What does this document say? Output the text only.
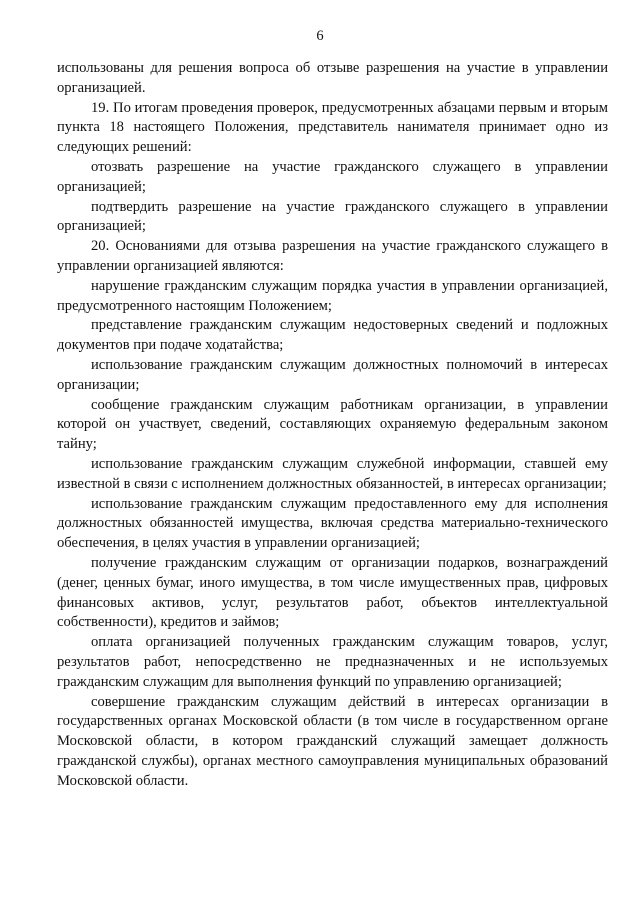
6

использованы для решения вопроса об отзыве разрешения на участие в управлении организацией.

19. По итогам проведения проверок, предусмотренных абзацами первым и вторым пункта 18 настоящего Положения, представитель нанимателя принимает одно из следующих решений:

отозвать разрешение на участие гражданского служащего в управлении организацией;

подтвердить разрешение на участие гражданского служащего в управлении организацией;

20. Основаниями для отзыва разрешения на участие гражданского служащего в управлении организацией являются:

нарушение гражданским служащим порядка участия в управлении организацией, предусмотренного настоящим Положением;

представление гражданским служащим недостоверных сведений и подложных документов при подаче ходатайства;

использование гражданским служащим должностных полномочий в интересах организации;

сообщение гражданским служащим работникам организации, в управлении которой он участвует, сведений, составляющих охраняемую федеральным законом тайну;

использование гражданским служащим служебной информации, ставшей ему известной в связи с исполнением должностных обязанностей, в интересах организации;

использование гражданским служащим предоставленного ему для исполнения должностных обязанностей имущества, включая средства материально-технического обеспечения, в целях участия в управлении организацией;

получение гражданским служащим от организации подарков, вознаграждений (денег, ценных бумаг, иного имущества, в том числе имущественных прав, цифровых финансовых активов, услуг, результатов работ, объектов интеллектуальной собственности), кредитов и займов;

оплата организацией полученных гражданским служащим товаров, услуг, результатов работ, непосредственно не предназначенных и не используемых гражданским служащим для выполнения функций по управлению организацией;

совершение гражданским служащим действий в интересах организации в государственных органах Московской области (в том числе в государственном органе Московской области, в котором гражданский служащий замещает должность гражданской службы), органах местного самоуправления муниципальных образований Московской области.
